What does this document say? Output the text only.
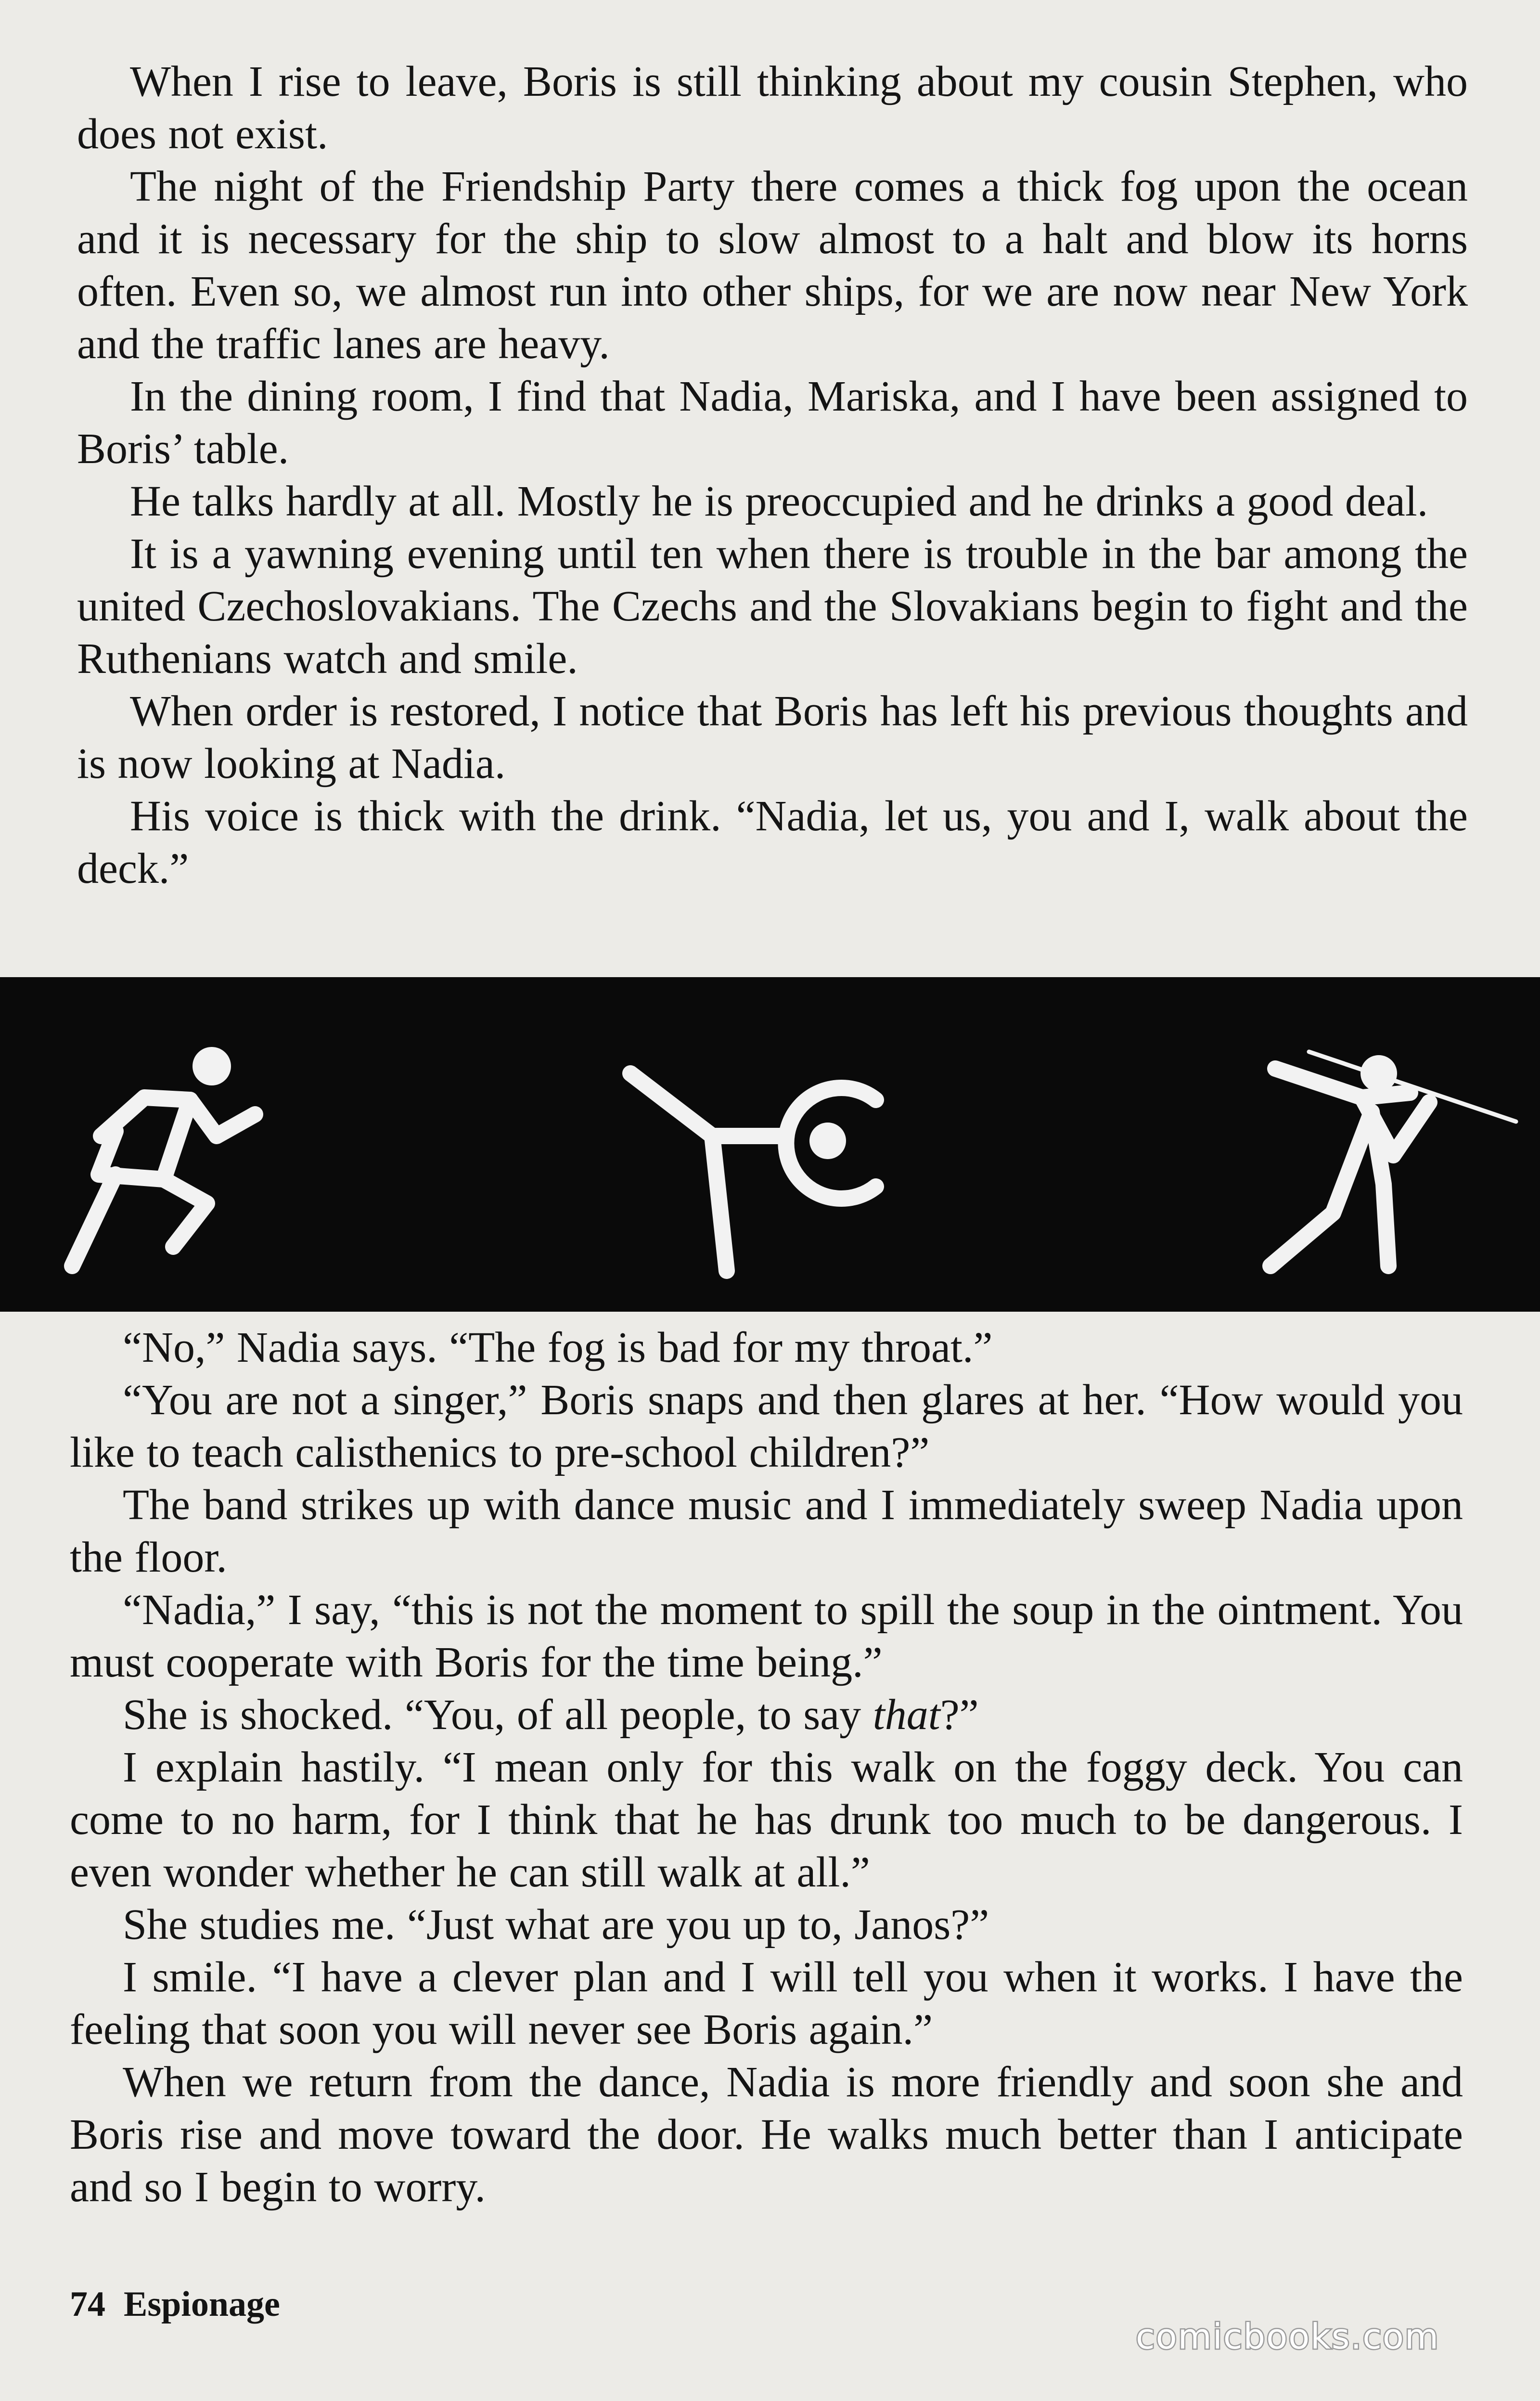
When I rise to leave, Boris is still thinking about my cousin Stephen, who does not exist.

The night of the Friendship Party there comes a thick fog upon the ocean and it is necessary for the ship to slow almost to a halt and blow its horns often. Even so, we almost run into other ships, for we are now near New York and the traffic lanes are heavy.

In the dining room, I find that Nadia, Mariska, and I have been assigned to Boris’ table.

He talks hardly at all. Mostly he is preoccupied and he drinks a good deal.

It is a yawning evening until ten when there is trouble in the bar among the united Czechoslovakians. The Czechs and the Slovakians begin to fight and the Ruthenians watch and smile.

When order is restored, I notice that Boris has left his previous thoughts and is now looking at Nadia.

His voice is thick with the drink. “Nadia, let us, you and I, walk about the deck.”

“No,” Nadia says. “The fog is bad for my throat.”

“You are not a singer,” Boris snaps and then glares at her. “How would you like to teach calisthenics to pre-school children?”

The band strikes up with dance music and I immediately sweep Nadia upon the floor.

“Nadia,” I say, “this is not the moment to spill the soup in the ointment. You must cooperate with Boris for the time being.”

She is shocked. “You, of all people, to say that?”

I explain hastily. “I mean only for this walk on the foggy deck. You can come to no harm, for I think that he has drunk too much to be dangerous. I even wonder whether he can still walk at all.”

She studies me. “Just what are you up to, Janos?”

I smile. “I have a clever plan and I will tell you when it works. I have the feeling that soon you will never see Boris again.”

When we return from the dance, Nadia is more friendly and soon she and Boris rise and move toward the door. He walks much better than I anticipate and so I begin to worry.

74 Espionage
comicbooks.com
